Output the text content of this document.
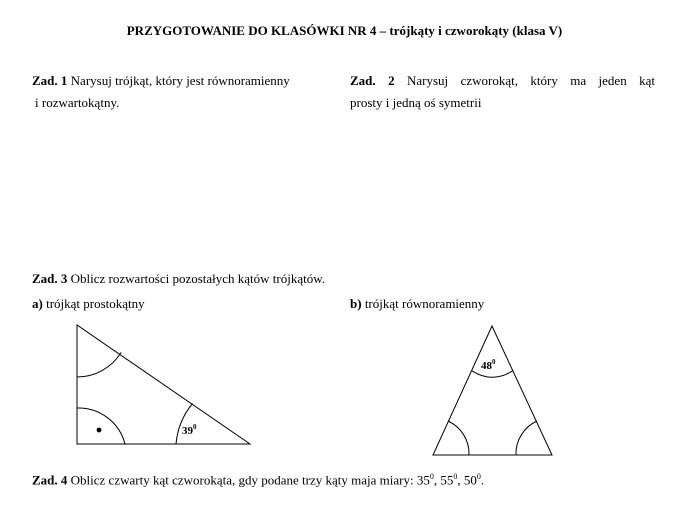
PRZYGOTOWANIE DO KLASÓWKI NR 4 – trójkąty i czworokąty (klasa V)
Zad. 1 Narysuj trójkąt, który jest równoramienny
i rozwartokątny.
Zad. 2 Narysuj czworokąt, który ma jeden kąt
prosty i jedną oś symetrii
Zad. 3 Oblicz rozwartości pozostałych kątów trójkątów.
a) trójkąt prostokątny	b) trójkąt równoramienny
$39^0$
$48^0$
Zad. 4 Oblicz czwarty kąt czworokąta, gdy podane trzy kąty maja miary: $35^0$, $55^0$, $50^0$.
